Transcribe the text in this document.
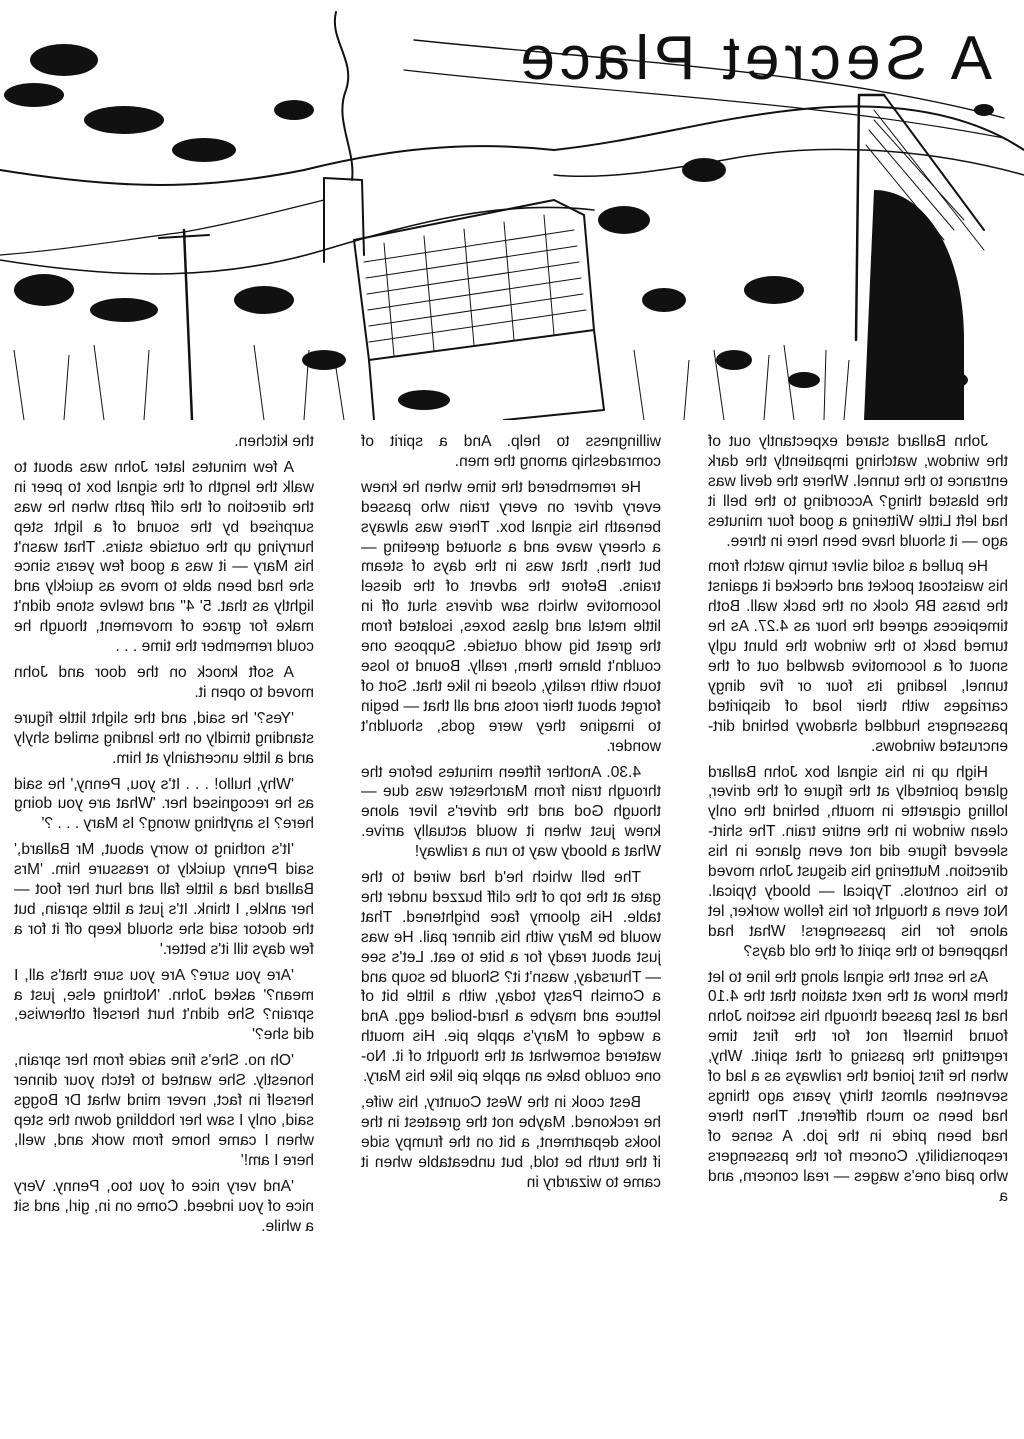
A Secret Place

John Ballard stared expectantly out of the window, watching impatiently the dark entrance to the tunnel. Where the devil was the blasted thing? According to the bell it had left Little Wittering a good four minutes ago — it should have been here in three.

He pulled a solid silver turnip watch from his waistcoat pocket and checked it against the brass BR clock on the back wall. Both timepieces agreed the hour as 4.27. As he turned back to the window the blunt ugly snout of a locomotive dawdled out of the tunnel, leading its four or five dingy carriages with their load of dispirited passengers huddled shadowy behind dirt-encrusted windows.

High up in his signal box John Ballard glared pointedly at the figure of the driver, lolling cigarette in mouth, behind the only clean window in the entire train. The shirt-sleeved figure did not even glance in his direction. Muttering his disgust John moved to his controls. Typical — bloody typical. Not even a thought for his fellow worker, let alone for his passengers! What had happened to the spirit of the old days?

As he sent the signal along the line to let them know at the next station that the 4.10 had at last passed through his section John found himself not for the first time regretting the passing of that spirit. Why, when he first joined the railways as a lad of seventeen almost thirty years ago things had been so much different. Then there had been pride in the job. A sense of responsibility. Concern for the passengers who paid one's wages — real concern, and a

willingness to help. And a spirit of comradeship among the men.

He remembered the time when he knew every driver on every train who passed beneath his signal box. There was always a cheery wave and a shouted greeting — but then, that was in the days of steam trains. Before the advent of the diesel locomotive which saw drivers shut off in little metal and glass boxes, isolated from the great big world outside. Suppose one couldn't blame them, really. Bound to lose touch with reality, closed in like that. Sort of forget about their roots and all that — begin to imagine they were gods, shouldn't wonder.

4.30. Another fifteen minutes before the through train from Marchester was due — though God and the driver's liver alone knew just when it would actually arrive. What a bloody way to run a railway!

The bell which he'd had wired to the gate at the top of the cliff buzzed under the table. His gloomy face brightened. That would be Mary with his dinner pail. He was just about ready for a bite to eat. Let's see — Thursday, wasn't it? Should be soup and a Cornish Pasty today, with a little bit of lettuce and maybe a hard-boiled egg. And a wedge of Mary's apple pie. His mouth watered somewhat at the thought of it. No-one couldo bake an apple pie like his Mary.

Best cook in the West Country, his wife, he reckoned. Maybe not the greatest in the looks department, a bit on the frumpy side if the truth be told, but unbeatable when it came to wizardry in

the kitchen.

A few minutes later John was about to walk the length of the signal box to peer in the direction of the cliff path when he was surprised by the sound of a light step hurrying up the outside stairs. That wasn't his Mary — it was a good few years since she had been able to move as quickly and lightly as that. 5' 4" and twelve stone didn't make for grace of movement, though he could remember the time . . .

A soft knock on the door and John moved to open it.

'Yes?' he said, and the slight little figure standing timidly on the landing smiled shyly and a little uncertainly at him.

'Why, hullo! . . . It's you, Penny,' he said as he recognised her. 'What are you doing here? Is anything wrong? Is Mary . . . ?'

'It's nothing to worry about, Mr Ballard,' said Penny quickly to reassure him. 'Mrs Ballard had a little fall and hurt her foot — her ankle, I think. It's just a little sprain, but the doctor said she should keep off it for a few days till it's better.'

'Are you sure? Are you sure that's all, I mean?' asked John. 'Nothing else, just a sprain? She didn't hurt herself otherwise, did she?'

'Oh no. She's fine aside from her sprain, honestly. She wanted to fetch your dinner herself in fact, never mind what Dr Boggs said, only I saw her hobbling down the step when I came home from work and, well, here I am!'

'And very nice of you too, Penny. Very nice of you indeed. Come on in, girl, and sit a while.
